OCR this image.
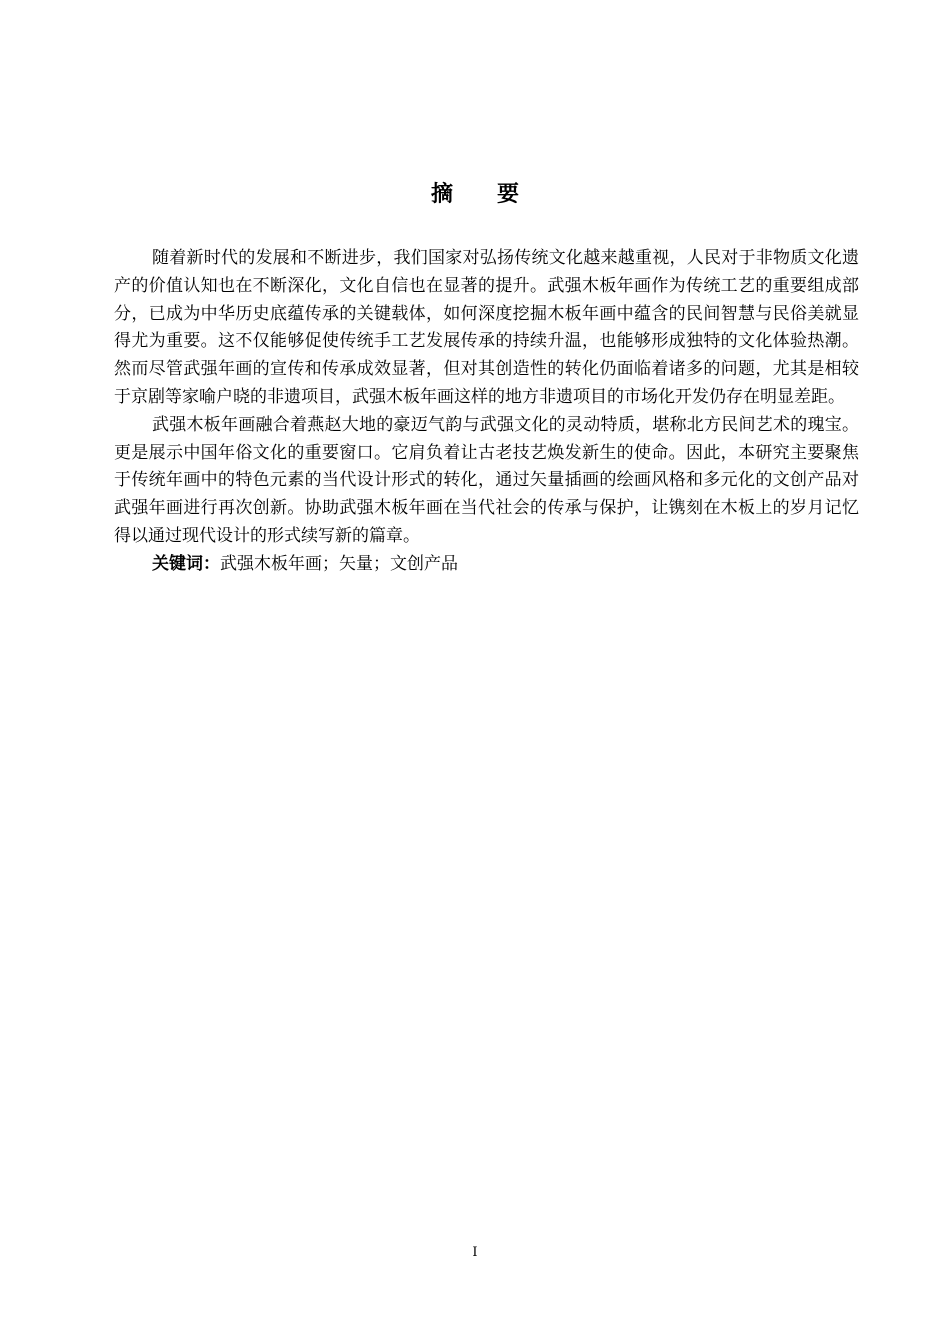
摘要

随着新时代的发展和不断进步，我们国家对弘扬传统文化越来越重视，人民对于非物质文化遗产的价值认知也在不断深化，文化自信也在显著的提升。武强木板年画作为传统工艺的重要组成部分，已成为中华历史底蕴传承的关键载体，如何深度挖掘木板年画中蕴含的民间智慧与民俗美就显得尤为重要。这不仅能够促使传统手工艺发展传承的持续升温，也能够形成独特的文化体验热潮。然而尽管武强年画的宣传和传承成效显著，但对其创造性的转化仍面临着诸多的问题，尤其是相较于京剧等家喻户晓的非遗项目，武强木板年画这样的地方非遗项目的市场化开发仍存在明显差距。

武强木板年画融合着燕赵大地的豪迈气韵与武强文化的灵动特质，堪称北方民间艺术的瑰宝。更是展示中国年俗文化的重要窗口。它肩负着让古老技艺焕发新生的使命。因此，本研究主要聚焦于传统年画中的特色元素的当代设计形式的转化，通过矢量插画的绘画风格和多元化的文创产品对武强年画进行再次创新。协助武强木板年画在当代社会的传承与保护，让镌刻在木板上的岁月记忆得以通过现代设计的形式续写新的篇章。

关键词：武强木板年画；矢量；文创产品

I
